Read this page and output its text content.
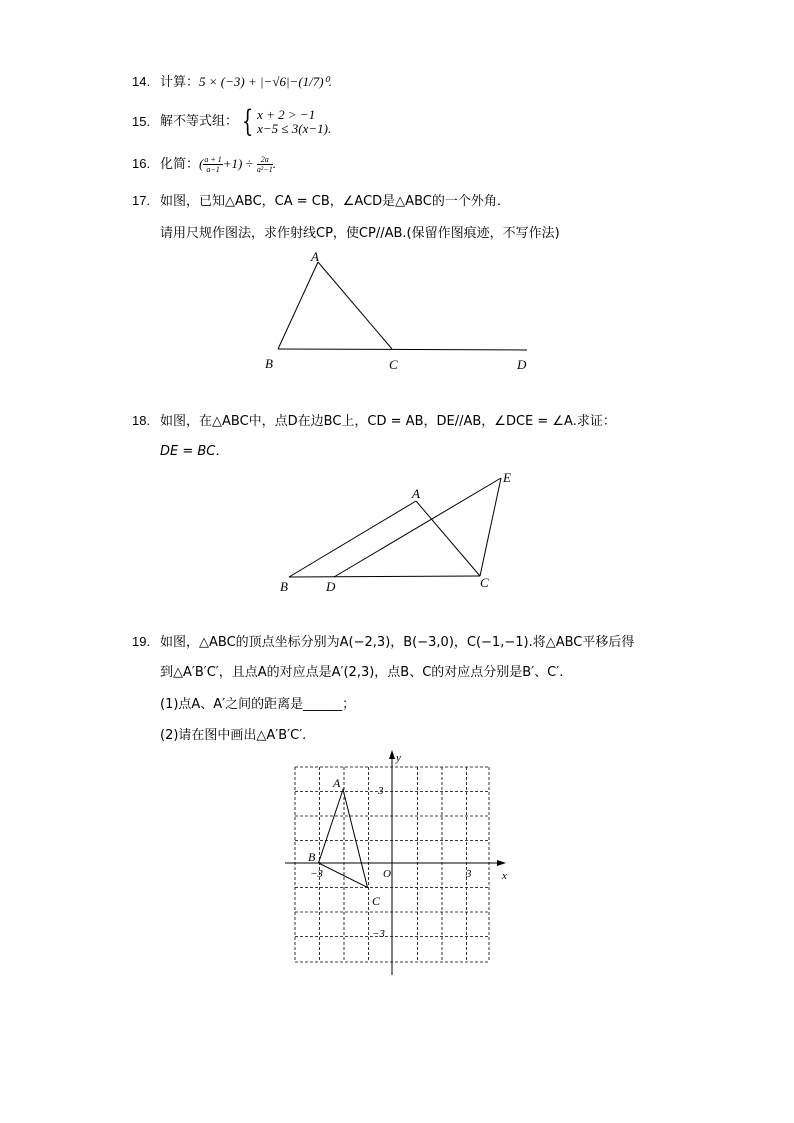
14. 计算：5 × (−3) + |−√6|−(1/7)⁰.
15. 解不等式组： { x + 2 > −1
x−5 ≤ 3(x−1).
16. 化简：( $\frac{a + 1}{a-1} +1) \div \frac{2a}{\text{a²−1}}$ .
17. 如图，已知△ABC，CA = CB，∠ACD是△ABC的一个外角．
请用尺规作图法，求作射线CP，使CP//AB.(保留作图痕迹，不写作法)
A
B	C	D
18. 如图，在△ABC中，点D在边BC上，CD = AB，DE//AB，∠DCE = ∠A.求证：
DE = BC．
A
B	D	C
E
19. 如图，△ABC的顶点坐标分别为A(−2,3)，B(−3,0)，C(−1,−1).将△ABC平移后得
到△A′B′C′，且点A的对应点是A′(2,3)，点B、C的对应点分别是B′、C′.
(1)点A、A′之间的距离是______；
(2)请在图中画出△A′B′C′.
A
B
C
O	x
y
3
−3
3
−3
